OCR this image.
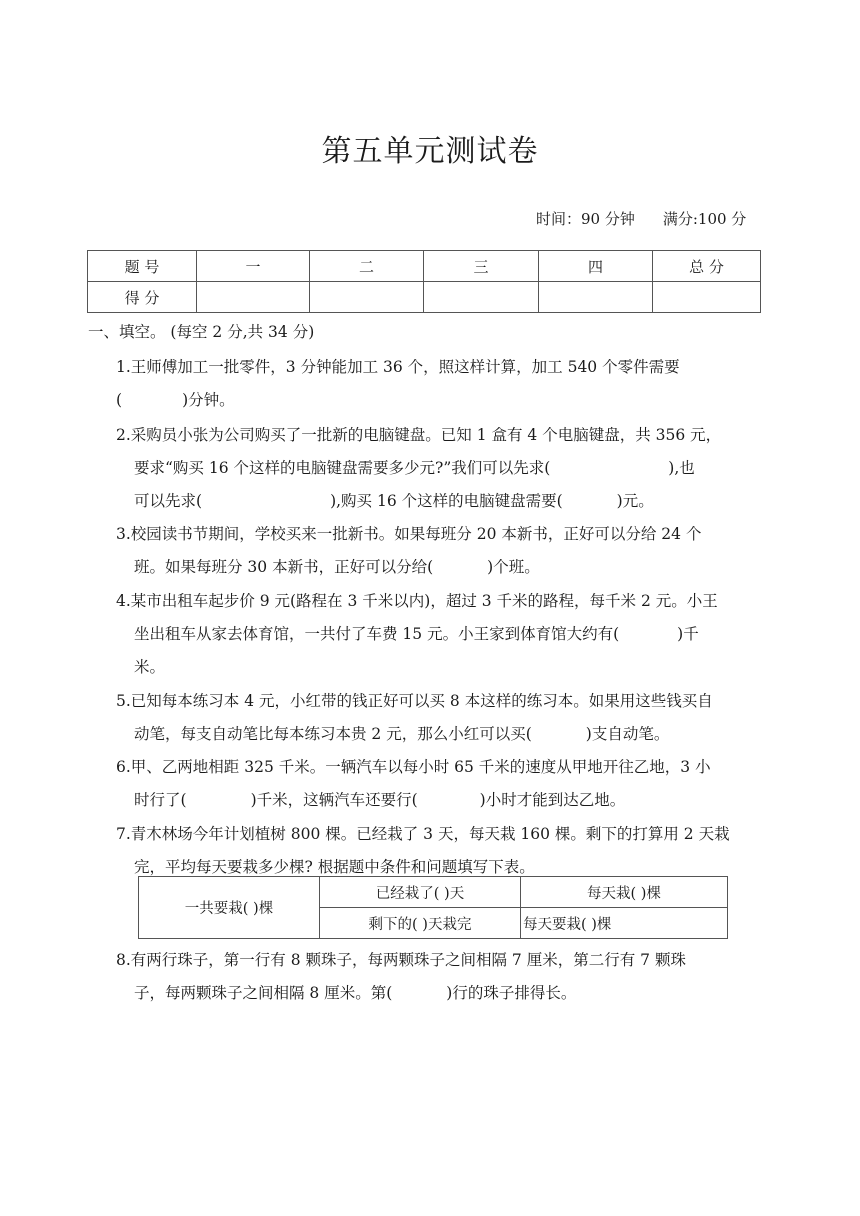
第五单元测试卷
时间：90 分钟 满分:100 分
题 号	一	二	三	四	总 分
得 分					
一、填空。 (每空 2 分,共 34 分)
1.王师傅加工一批零件，3 分钟能加工 36 个，照这样计算，加工 540 个零件需要
(	)分钟。
2.采购员小张为公司购买了一批新的电脑键盘。已知 1 盒有 4 个电脑键盘，共 356 元，
要求“购买 16 个这样的电脑键盘需要多少元?”我们可以先求(	),也
可以先求(	),购买 16 个这样的电脑键盘需要(	)元。
3.校园读书节期间，学校买来一批新书。如果每班分 20 本新书，正好可以分给 24 个
班。如果每班分 30 本新书，正好可以分给(	)个班。
4.某市出租车起步价 9 元(路程在 3 千米以内)，超过 3 千米的路程，每千米 2 元。小王
坐出租车从家去体育馆，一共付了车费 15 元。小王家到体育馆大约有(	)千
米。
5.已知每本练习本 4 元，小红带的钱正好可以买 8 本这样的练习本。如果用这些钱买自
动笔，每支自动笔比每本练习本贵 2 元，那么小红可以买(	)支自动笔。
6.甲、乙两地相距 325 千米。一辆汽车以每小时 65 千米的速度从甲地开往乙地，3 小
时行了(	)千米，这辆汽车还要行(	)小时才能到达乙地。
7.青木林场今年计划植树 800 棵。已经栽了 3 天，每天栽 160 棵。剩下的打算用 2 天栽
完，平均每天要栽多少棵? 根据题中条件和问题填写下表。
一共要栽( )棵	已经栽了( )天	每天栽( )棵
	剩下的( )天栽完	每天要栽( )棵
8.有两行珠子，第一行有 8 颗珠子，每两颗珠子之间相隔 7 厘米，第二行有 7 颗珠
子，每两颗珠子之间相隔 8 厘米。第(	)行的珠子排得长。
